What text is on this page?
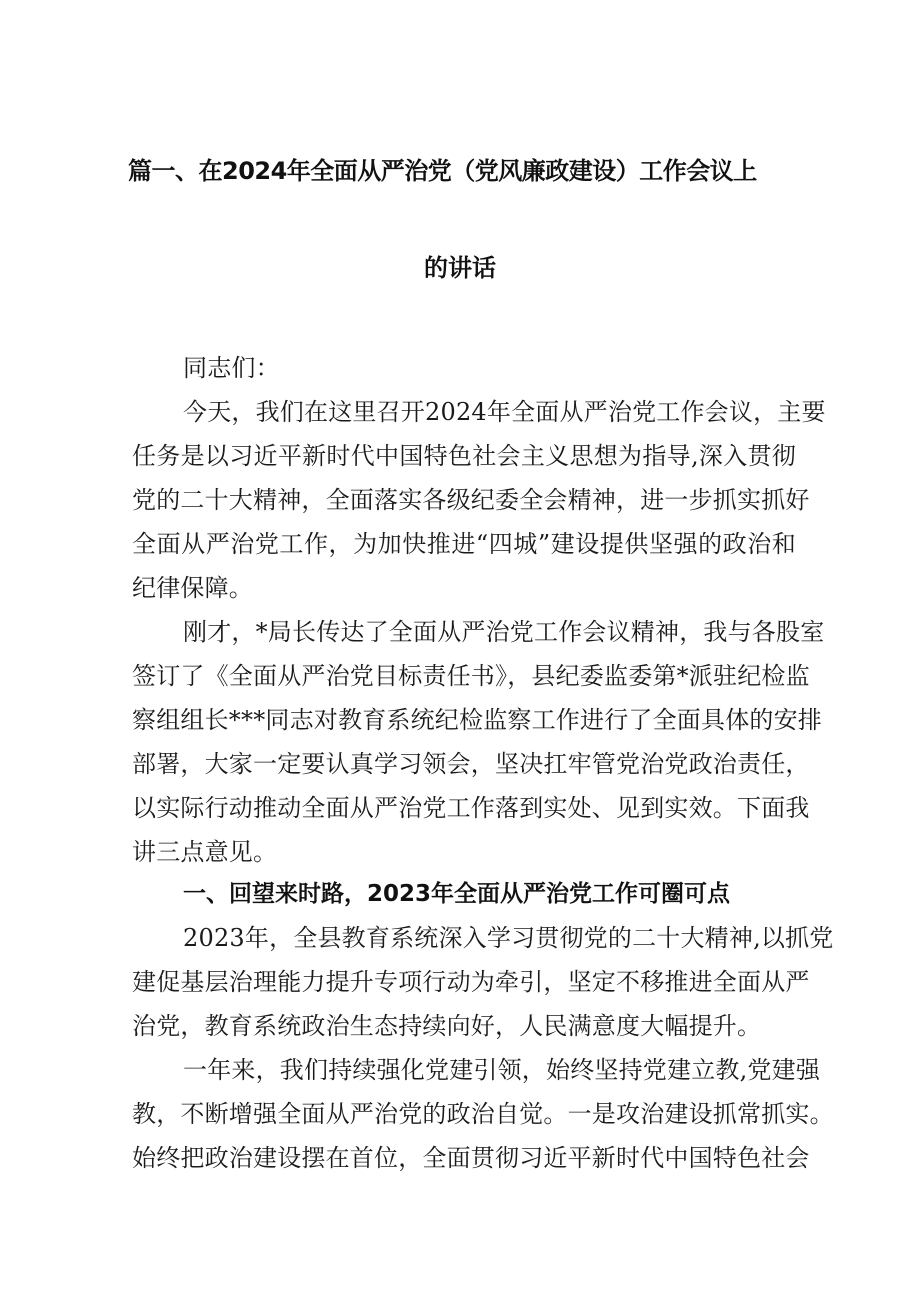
篇一、在2024年全面从严治党（党风廉政建设）工作会议上
的讲话
同志们：
今天，我们在这里召开2024年全面从严治党工作会议，主要
任务是以习近平新时代中国特色社会主义思想为指导,深入贯彻
党的二十大精神，全面落实各级纪委全会精神，进一步抓实抓好
全面从严治党工作，为加快推进“四城”建设提供坚强的政治和
纪律保障。
刚才，*局长传达了全面从严治党工作会议精神，我与各股室
签订了《全面从严治党目标责任书》，县纪委监委第*派驻纪检监
察组组长***同志对教育系统纪检监察工作进行了全面具体的安排
部署，大家一定要认真学习领会，坚决扛牢管党治党政治责任，
以实际行动推动全面从严治党工作落到实处、见到实效。下面我
讲三点意见。
一、回望来时路，2023年全面从严治党工作可圈可点
2023年，全县教育系统深入学习贯彻党的二十大精神,以抓党
建促基层治理能力提升专项行动为牵引，坚定不移推进全面从严
治党，教育系统政治生态持续向好，人民满意度大幅提升。
一年来，我们持续强化党建引领，始终坚持党建立教,党建强
教，不断增强全面从严治党的政治自觉。一是攻治建设抓常抓实。
始终把政治建设摆在首位，全面贯彻习近平新时代中国特色社会
